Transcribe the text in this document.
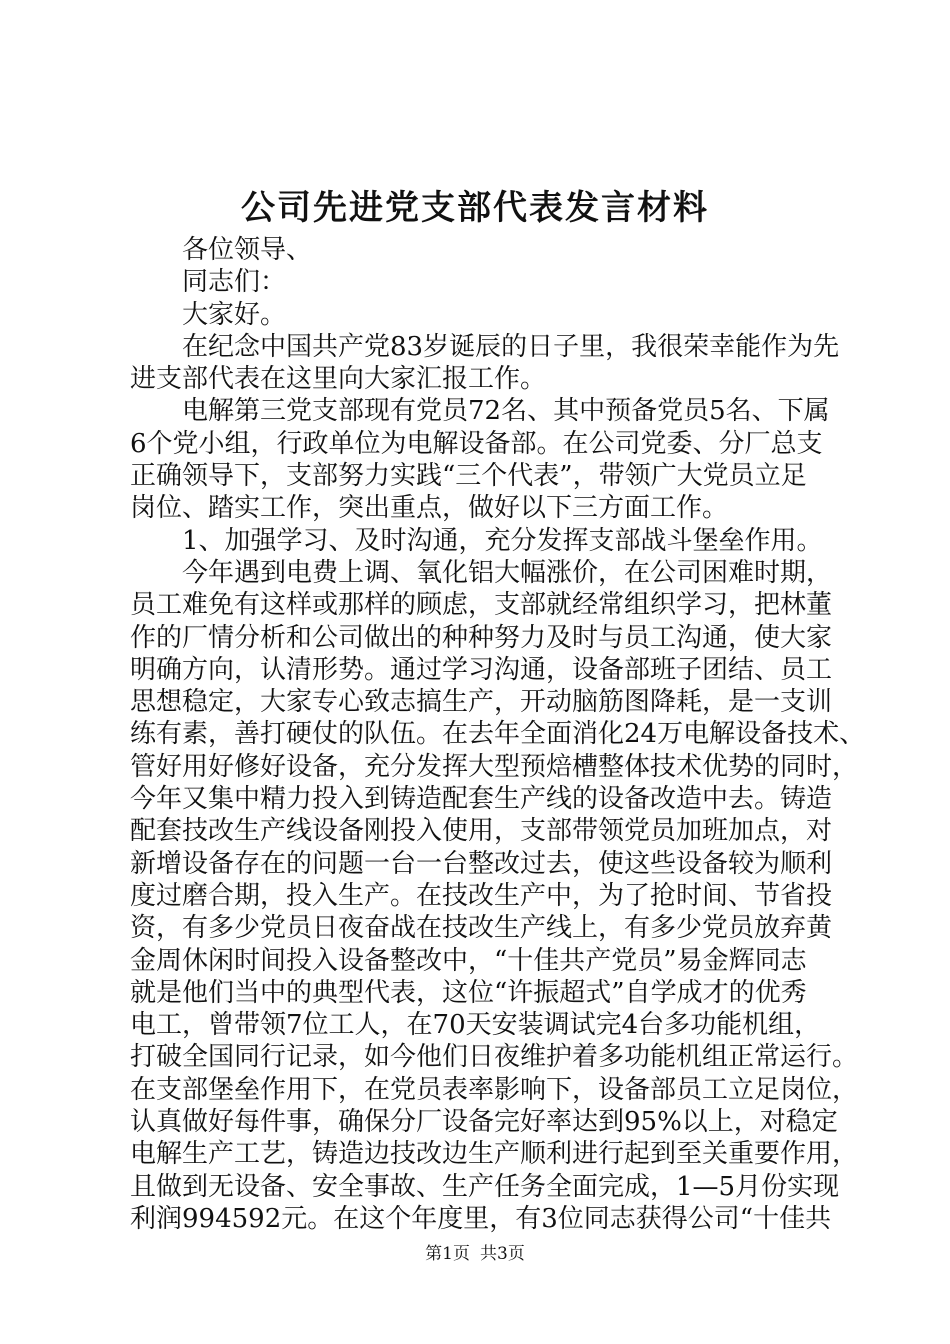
公司先进党支部代表发言材料

各位领导、

同志们：

大家好。

在纪念中国共产党83岁诞辰的日子里，我很荣幸能作为先
进支部代表在这里向大家汇报工作。

电解第三党支部现有党员72名、其中预备党员5名、下属
6个党小组，行政单位为电解设备部。在公司党委、分厂总支
正确领导下，支部努力实践“三个代表”，带领广大党员立足
岗位、踏实工作，突出重点，做好以下三方面工作。

1、加强学习、及时沟通，充分发挥支部战斗堡垒作用。

今年遇到电费上调、氧化铝大幅涨价，在公司困难时期，
员工难免有这样或那样的顾虑，支部就经常组织学习，把林董
作的厂情分析和公司做出的种种努力及时与员工沟通，使大家
明确方向，认清形势。通过学习沟通，设备部班子团结、员工
思想稳定，大家专心致志搞生产，开动脑筋图降耗，是一支训
练有素，善打硬仗的队伍。在去年全面消化24万电解设备技术、
管好用好修好设备，充分发挥大型预焙槽整体技术优势的同时，
今年又集中精力投入到铸造配套生产线的设备改造中去。铸造
配套技改生产线设备刚投入使用，支部带领党员加班加点，对
新增设备存在的问题一台一台整改过去，使这些设备较为顺利
度过磨合期，投入生产。在技改生产中，为了抢时间、节省投
资，有多少党员日夜奋战在技改生产线上，有多少党员放弃黄
金周休闲时间投入设备整改中，“十佳共产党员”易金辉同志
就是他们当中的典型代表，这位“许振超式”自学成才的优秀
电工，曾带领7位工人，在70天安装调试完4台多功能机组，
打破全国同行记录，如今他们日夜维护着多功能机组正常运行。
在支部堡垒作用下，在党员表率影响下，设备部员工立足岗位，
认真做好每件事，确保分厂设备完好率达到95%以上，对稳定
电解生产工艺，铸造边技改边生产顺利进行起到至关重要作用，
且做到无设备、安全事故、生产任务全面完成，1—5月份实现
利润994592元。在这个年度里，有3位同志获得公司“十佳共

第1页 共3页
